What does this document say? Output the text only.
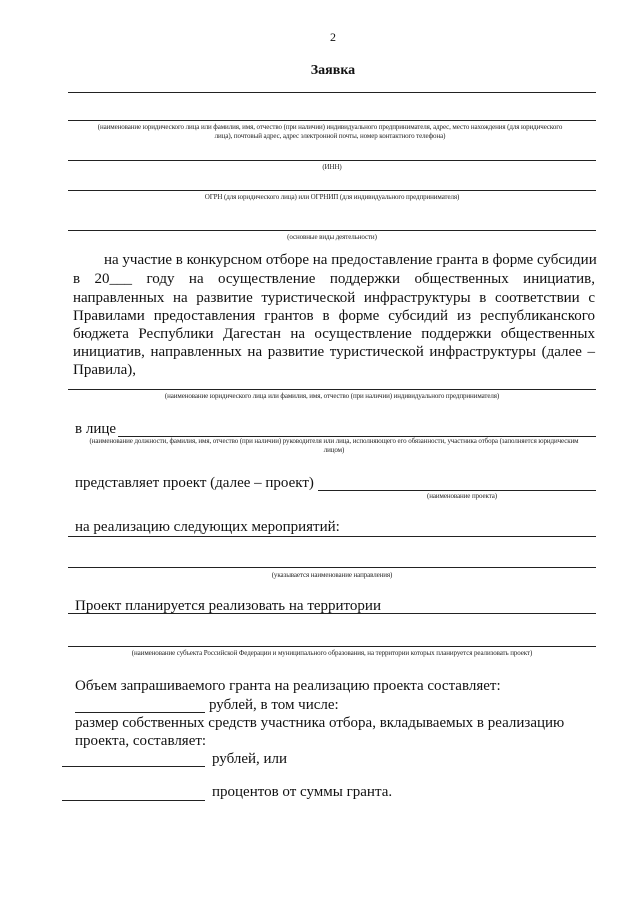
2
Заявка
(наименование юридического лица или фамилия, имя, отчество (при наличии) индивидуального предпринимателя, адрес, место нахождения (для юридического лица), почтовый адрес, адрес электронной почты, номер контактного телефона)
(ИНН)
ОГРН (для юридического лица) или ОГРНИП (для индивидуального предпринимателя)
(основные виды деятельности)
на участие в конкурсном отборе на предоставление гранта в форме субсидии
в 20___ году на осуществление поддержки общественных инициатив,
направленных на развитие туристической инфраструктуры в соответствии с
Правилами предоставления грантов в форме субсидий из республиканского
бюджета Республики Дагестан на осуществление поддержки общественных
инициатив, направленных на развитие туристической инфраструктуры (далее –
Правила),
(наименование юридического лица или фамилия, имя, отчество (при наличии) индивидуального предпринимателя)
в лице
(наименование должности, фамилия, имя, отчество (при наличии) руководителя или лица, исполняющего его обязанности, участника отбора (заполняется юридическим лицом)
представляет проект (далее – проект)
(наименование проекта)
на реализацию следующих мероприятий:
(указывается наименование направления)
Проект планируется реализовать на территории
(наименование субъекта Российской Федерации и муниципального образования, на территории которых планируется реализовать проект)
Объем запрашиваемого гранта на реализацию проекта составляет:
рублей, в том числе:
размер собственных средств участника отбора, вкладываемых в реализацию
проекта, составляет:
рублей, или
процентов от суммы гранта.
